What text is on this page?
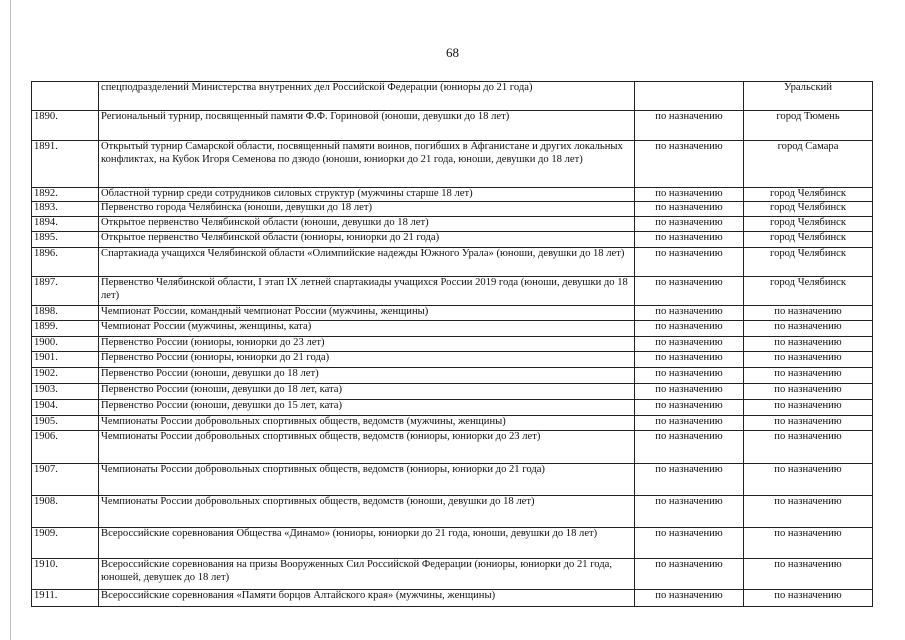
68
	спецподразделений Министерства внутренних дел Российской Федерации (юниоры до 21 года)		Уральский
1890.	Региональный турнир, посвященный памяти Ф.Ф. Гориновой (юноши, девушки до 18 лет)	по назначению	город Тюмень
1891.	Открытый турнир Самарской области, посвященный памяти воинов, погибших в Афганистане и других локальных конфликтах, на Кубок Игоря Семенова по дзюдо (юноши, юниорки до 21 года, юноши, девушки до 18 лет)	по назначению	город Самара
1892.	Областной турнир среди сотрудников силовых структур (мужчины старше 18 лет)	по назначению	город Челябинск
1893.	Первенство города Челябинска (юноши, девушки до 18 лет)	по назначению	город Челябинск
1894.	Открытое первенство Челябинской области (юноши, девушки до 18 лет)	по назначению	город Челябинск
1895.	Открытое первенство Челябинской области (юниоры, юниорки до 21 года)	по назначению	город Челябинск
1896.	Спартакиада учащихся Челябинской области «Олимпийские надежды Южного Урала» (юноши, девушки до 18 лет)	по назначению	город Челябинск
1897.	Первенство Челябинской области, I этап IX летней спартакиады учащихся России 2019 года (юноши, девушки до 18 лет)	по назначению	город Челябинск
1898.	Чемпионат России, командный чемпионат России (мужчины, женщины)	по назначению	по назначению
1899.	Чемпионат России (мужчины, женщины, ката)	по назначению	по назначению
1900.	Первенство России (юниоры, юниорки до 23 лет)	по назначению	по назначению
1901.	Первенство России (юниоры, юниорки до 21 года)	по назначению	по назначению
1902.	Первенство России (юноши, девушки до 18 лет)	по назначению	по назначению
1903.	Первенство России (юноши, девушки до 18 лет, ката)	по назначению	по назначению
1904.	Первенство России (юноши, девушки до 15 лет, ката)	по назначению	по назначению
1905.	Чемпионаты России добровольных спортивных обществ, ведомств (мужчины, женщины)	по назначению	по назначению
1906.	Чемпионаты России добровольных спортивных обществ, ведомств (юниоры, юниорки до 23 лет)	по назначению	по назначению
1907.	Чемпионаты России добровольных спортивных обществ, ведомств (юниоры, юниорки до 21 года)	по назначению	по назначению
1908.	Чемпионаты России добровольных спортивных обществ, ведомств (юноши, девушки до 18 лет)	по назначению	по назначению
1909.	Всероссийские соревнования Общества «Динамо» (юниоры, юниорки до 21 года, юноши, девушки до 18 лет)	по назначению	по назначению
1910.	Всероссийские соревнования на призы Вооруженных Сил Российской Федерации (юниоры, юниорки до 21 года, юношей, девушек до 18 лет)	по назначению	по назначению
1911.	Всероссийские соревнования «Памяти борцов Алтайского края» (мужчины, женщины)	по назначению	по назначению
